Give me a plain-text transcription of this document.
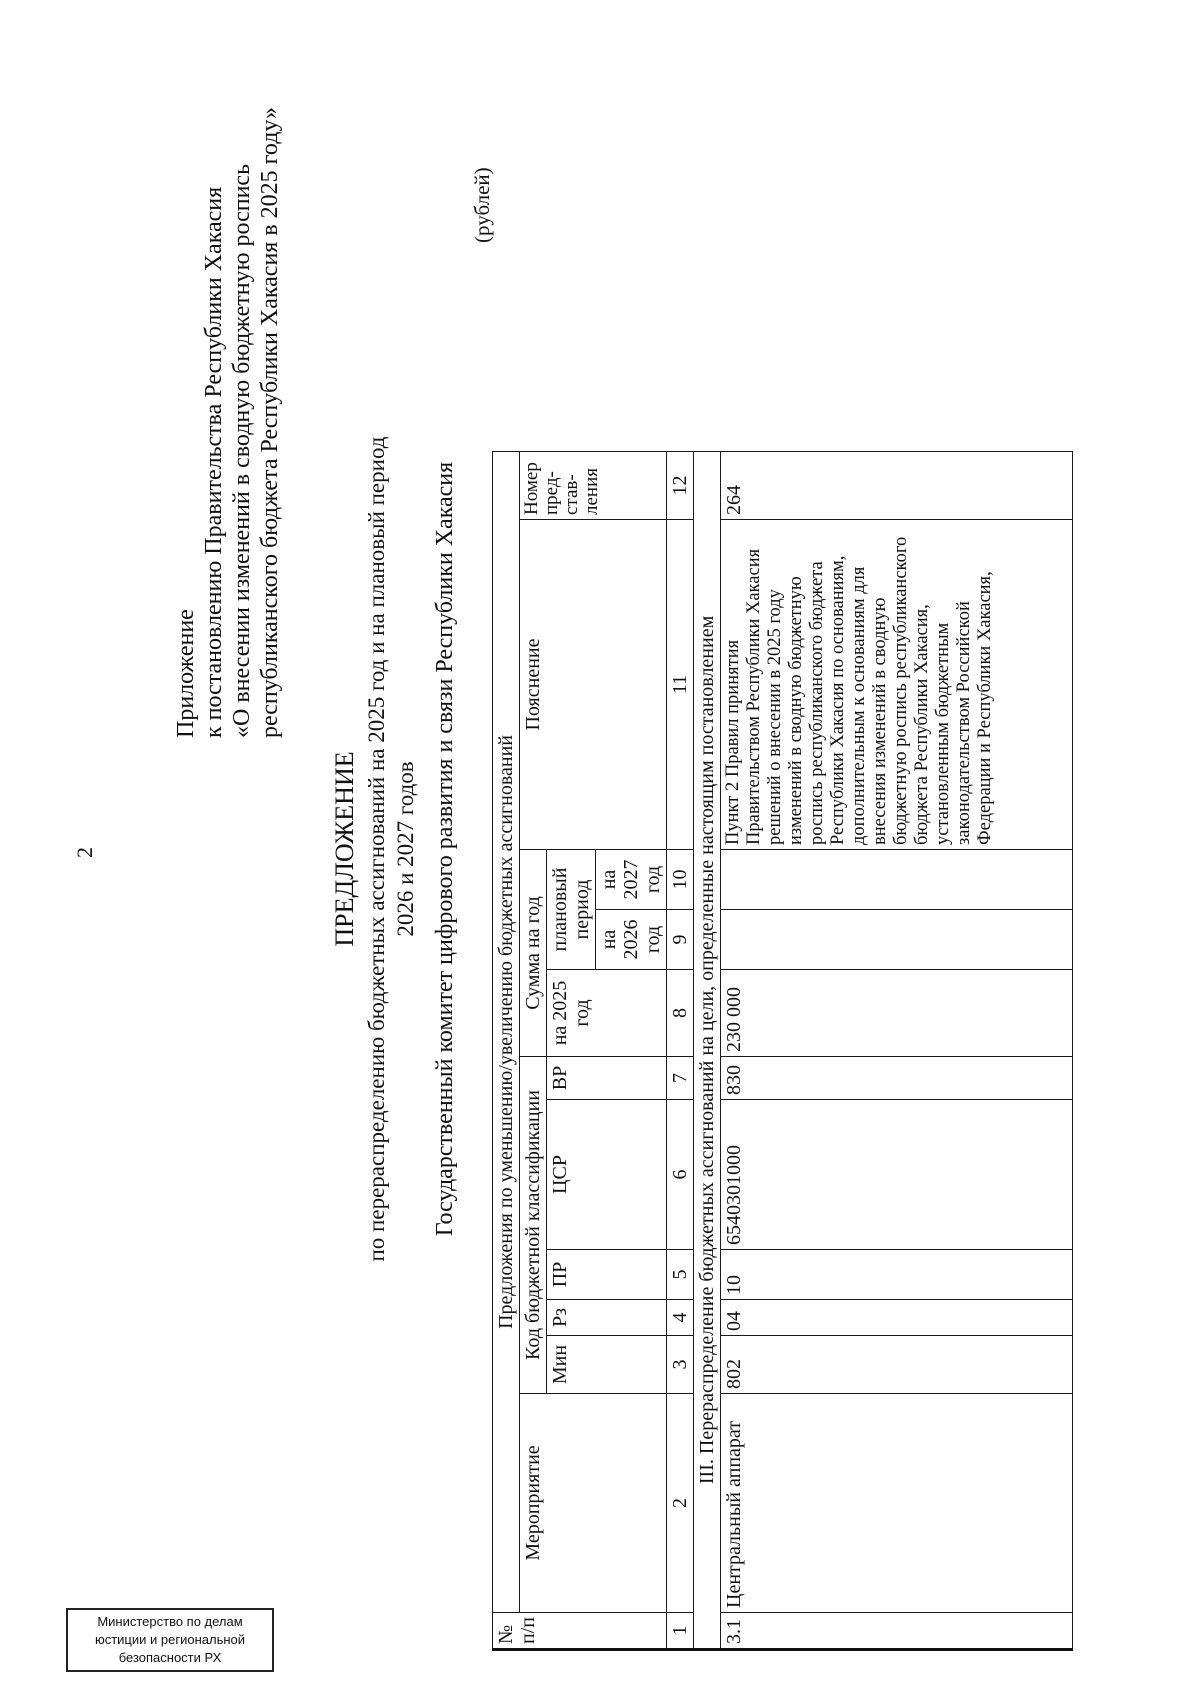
Министерство по делам
юстиции и региональной
безопасности РХ
2
Приложение к постановлению Правительства Республики Хакасия «О внесении изменений в сводную бюджетную роспись республиканского бюджета Республики Хакасия в 2025 году»
ПРЕДЛОЖЕНИЕ по перераспределению бюджетных ассигнований на 2025 год и на плановый период 2026 и 2027 годов Государственный комитет цифрового развития и связи Республики Хакасия
(рублей)
№ п/п	Предложения по уменьшению/увеличению бюджетных ассигнований											
	Мероприятие	Код бюджетной классификации					Сумма на год			Пояснение	Номер пред-став-ления	
		Мин	Рз	ПР	ЦСР	ВР	на 2025 год	плановый период				
								на 2026 год	на 2027 год			
1	2	3	4	5	6	7	8	9	10	11	12	
III. Перераспределение бюджетных ассигнований на цели, определенные настоящим постановлением												
3.1	Центральный аппарат	802	04	10	6540301000	830	230 000			Пункт 2 Правил принятия Правительством Республики Хакасия решений о внесении в 2025 году изменений в сводную бюджетную роспись республиканского бюджета Республики Хакасия по основаниям, дополнительным к основаниям для внесения изменений в сводную бюджетную роспись республиканского бюджета Республики Хакасия, установленным бюджетным законодательством Российской Федерации и Республики Хакасия,	264	
